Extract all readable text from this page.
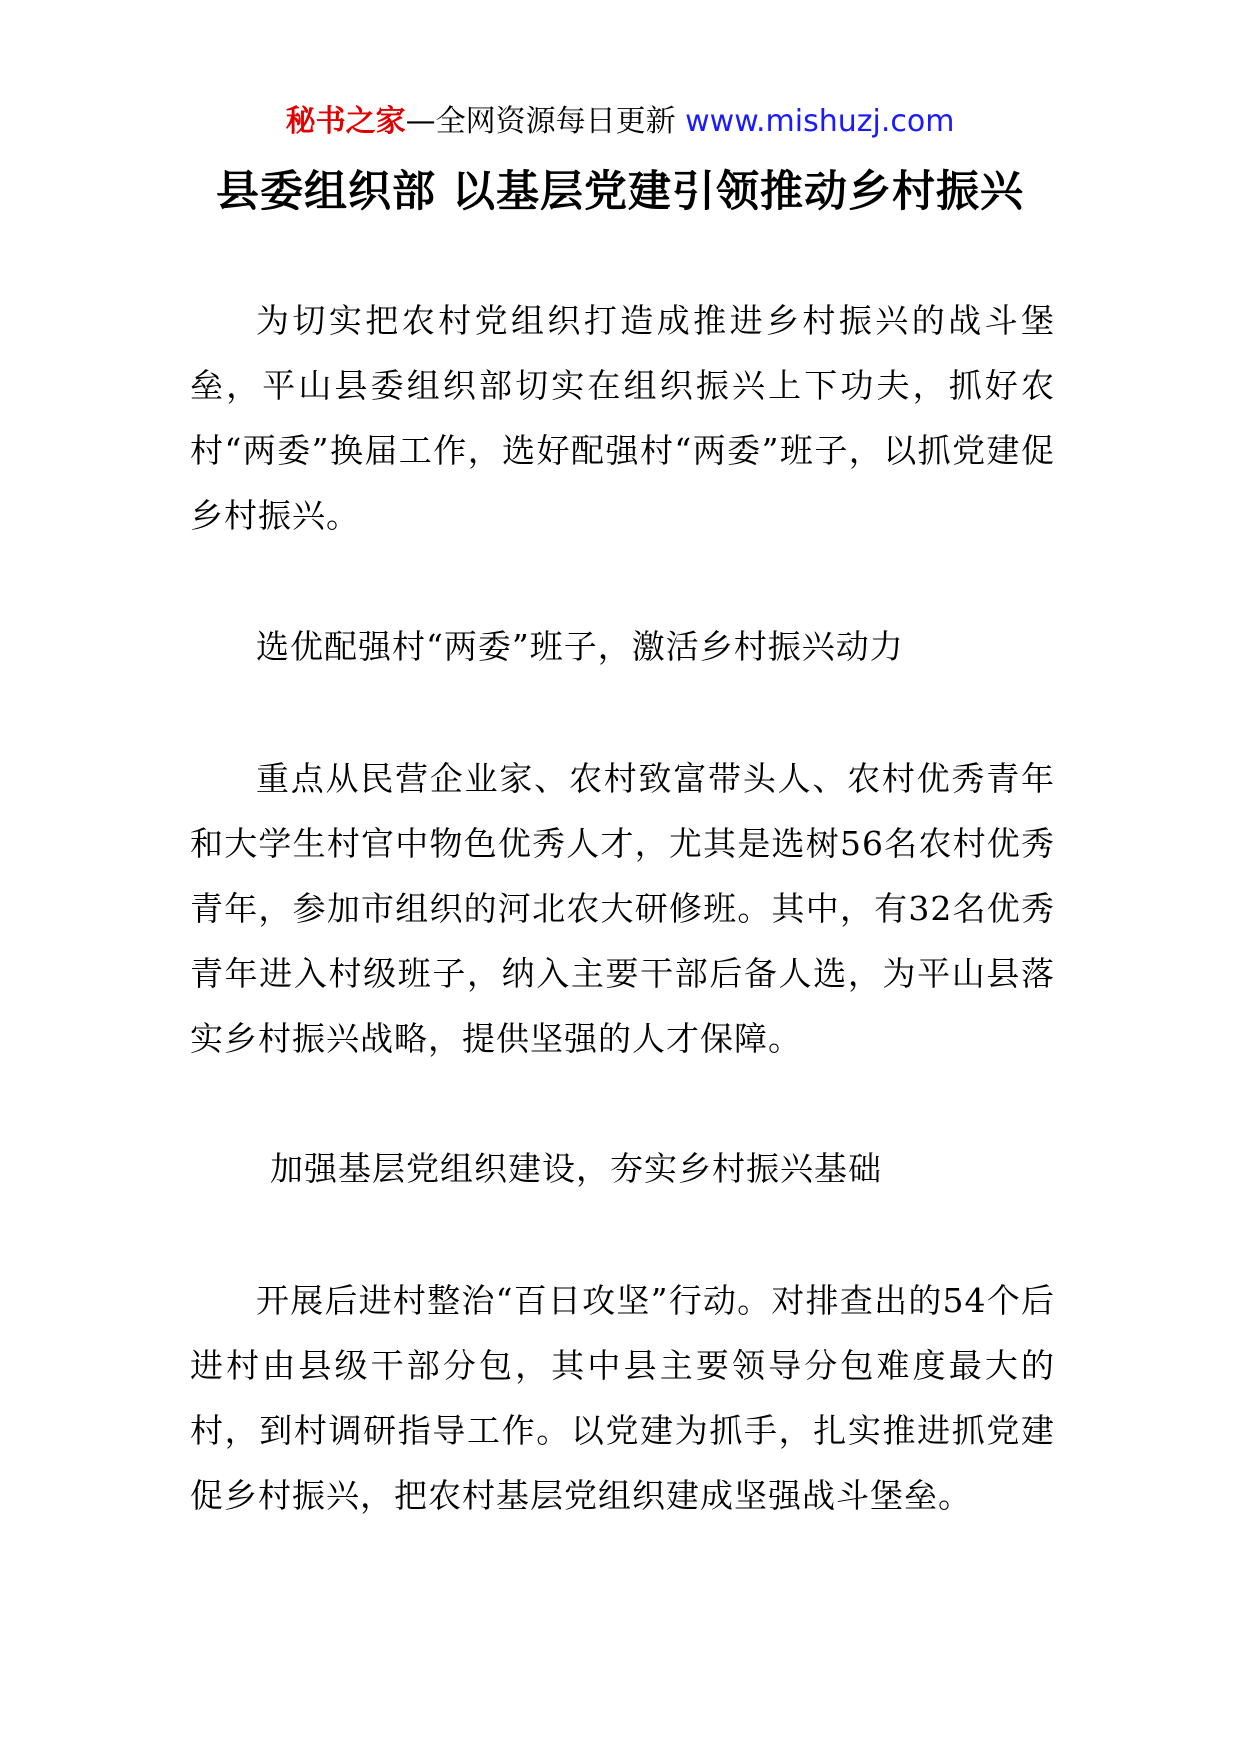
秘书之家—全网资源每日更新 www.mishuzj.com
县委组织部 以基层党建引领推动乡村振兴
为切实把农村党组织打造成推进乡村振兴的战斗堡垒，平山县委组织部切实在组织振兴上下功夫，抓好农村“两委”换届工作，选好配强村“两委”班子，以抓党建促乡村振兴。
选优配强村“两委”班子，激活乡村振兴动力
重点从民营企业家、农村致富带头人、农村优秀青年和大学生村官中物色优秀人才，尤其是选树56名农村优秀青年，参加市组织的河北农大研修班。其中，有32名优秀青年进入村级班子，纳入主要干部后备人选，为平山县落实乡村振兴战略，提供坚强的人才保障。
加强基层党组织建设，夯实乡村振兴基础
开展后进村整治“百日攻坚”行动。对排查出的54个后进村由县级干部分包，其中县主要领导分包难度最大的村，到村调研指导工作。以党建为抓手，扎实推进抓党建促乡村振兴，把农村基层党组织建成坚强战斗堡垒。
